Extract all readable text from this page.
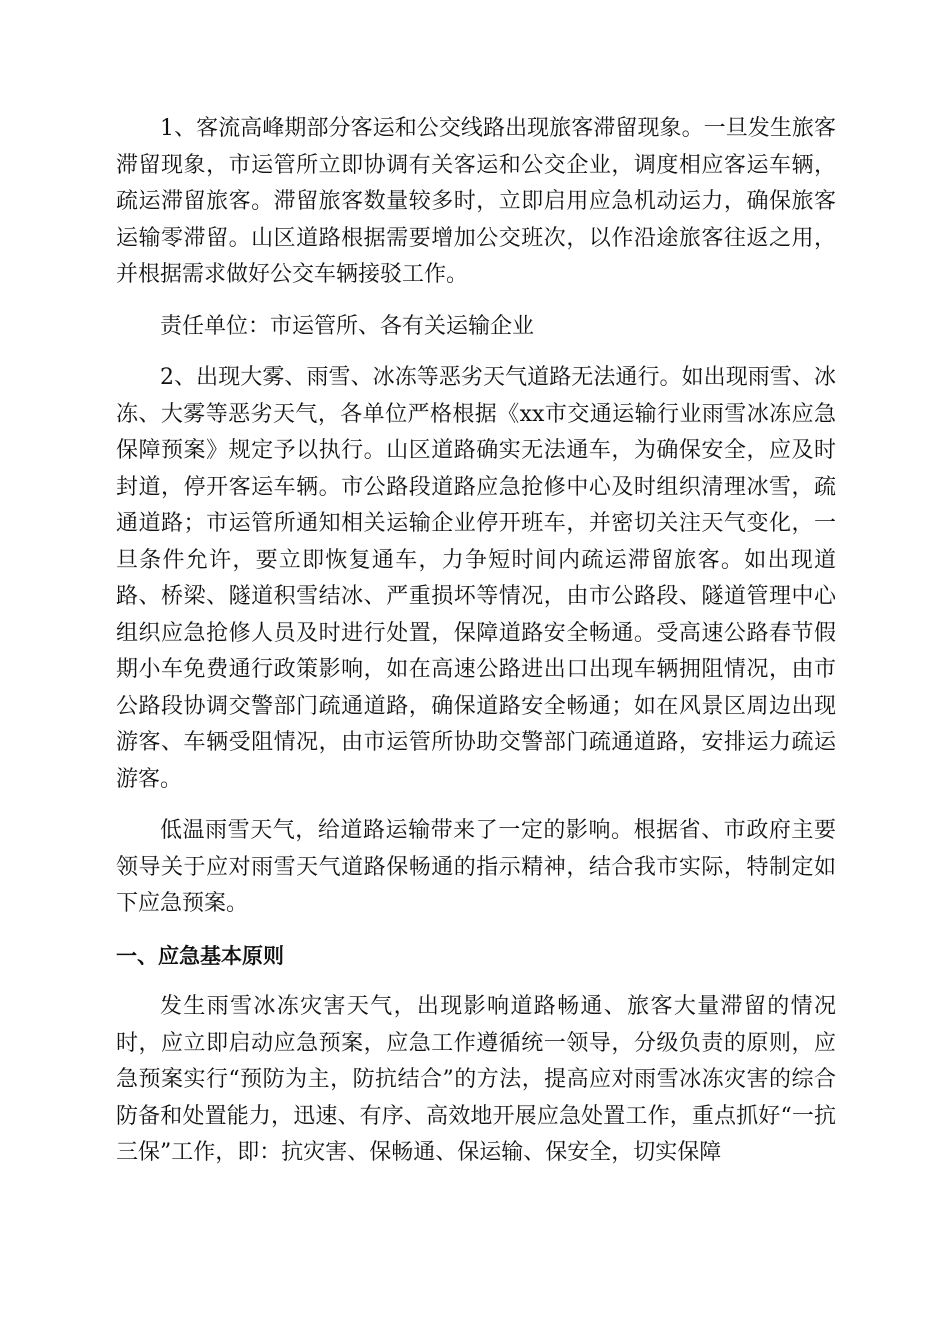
1、客流高峰期部分客运和公交线路出现旅客滞留现象。一旦发生旅客滞留现象，市运管所立即协调有关客运和公交企业，调度相应客运车辆，疏运滞留旅客。滞留旅客数量较多时，立即启用应急机动运力，确保旅客运输零滞留。山区道路根据需要增加公交班次，以作沿途旅客往返之用，并根据需求做好公交车辆接驳工作。

责任单位：市运管所、各有关运输企业

2、出现大雾、雨雪、冰冻等恶劣天气道路无法通行。如出现雨雪、冰冻、大雾等恶劣天气，各单位严格根据《xx市交通运输行业雨雪冰冻应急保障预案》规定予以执行。山区道路确实无法通车，为确保安全，应及时封道，停开客运车辆。市公路段道路应急抢修中心及时组织清理冰雪，疏通道路；市运管所通知相关运输企业停开班车，并密切关注天气变化，一旦条件允许，要立即恢复通车，力争短时间内疏运滞留旅客。如出现道路、桥梁、隧道积雪结冰、严重损坏等情况，由市公路段、隧道管理中心组织应急抢修人员及时进行处置，保障道路安全畅通。受高速公路春节假期小车免费通行政策影响，如在高速公路进出口出现车辆拥阻情况，由市公路段协调交警部门疏通道路，确保道路安全畅通；如在风景区周边出现游客、车辆受阻情况，由市运管所协助交警部门疏通道路，安排运力疏运游客。

低温雨雪天气，给道路运输带来了一定的影响。根据省、市政府主要领导关于应对雨雪天气道路保畅通的指示精神，结合我市实际，特制定如下应急预案。

一、应急基本原则

发生雨雪冰冻灾害天气，出现影响道路畅通、旅客大量滞留的情况时，应立即启动应急预案，应急工作遵循统一领导，分级负责的原则，应急预案实行“预防为主，防抗结合”的方法，提高应对雨雪冰冻灾害的综合防备和处置能力，迅速、有序、高效地开展应急处置工作，重点抓好“一抗三保”工作，即：抗灾害、保畅通、保运输、保安全，切实保障
